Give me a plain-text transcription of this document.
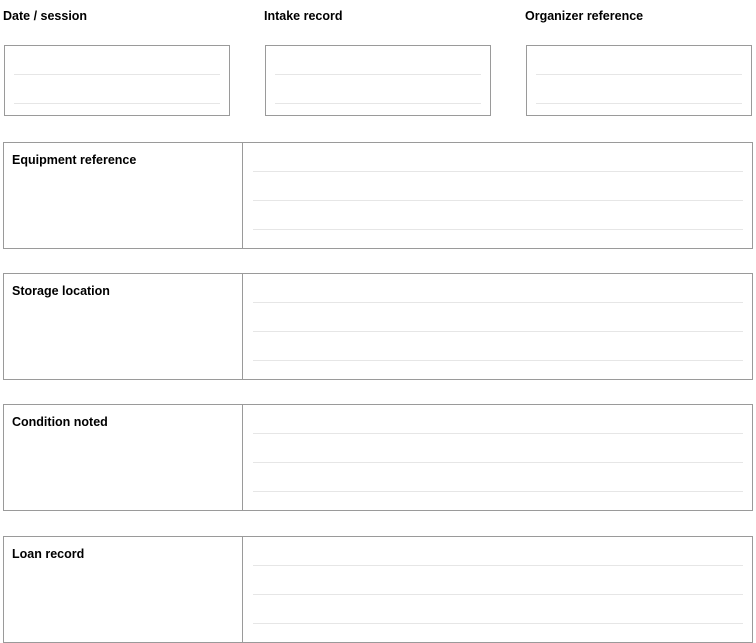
Date / session	Intake record	Organizer reference
Equipment reference
Storage location
Condition noted
Loan record
